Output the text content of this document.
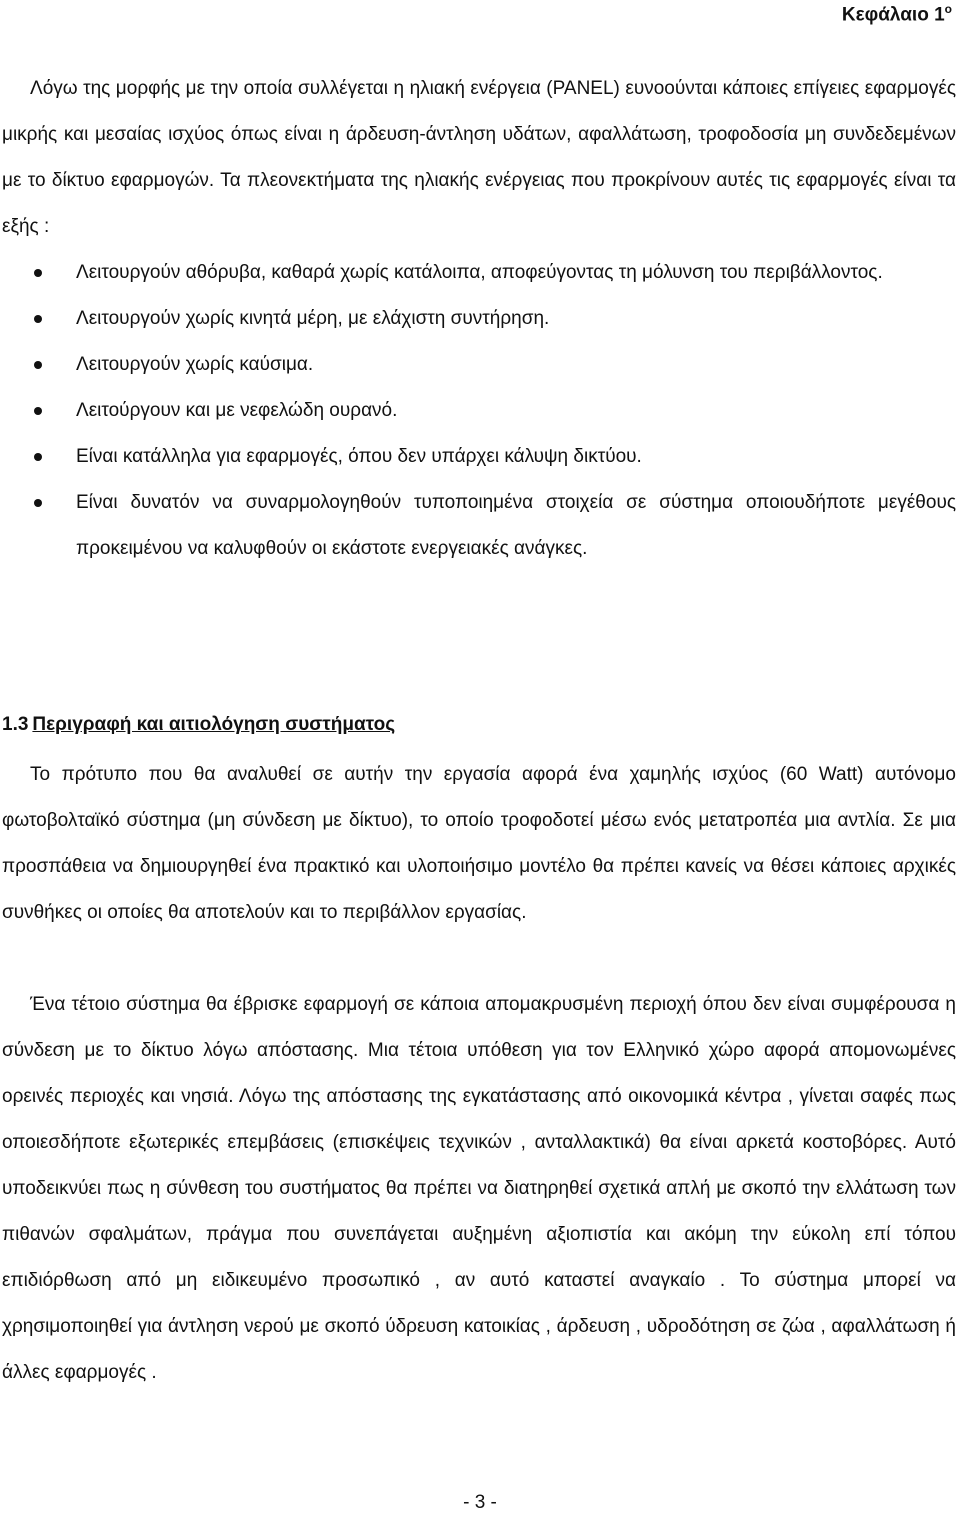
Κεφάλαιο $1^o$

Λόγω της μορφής με την οποία συλλέγεται η ηλιακή ενέργεια (PANEL) ευνοούνται κάποιες επίγειες εφαρμογές μικρής και μεσαίας ισχύος όπως είναι η άρδευση-άντληση υδάτων, αφαλλάτωση, τροφοδοσία μη συνδεδεμένων με το δίκτυο εφαρμογών. Τα πλεονεκτήματα της ηλιακής ενέργειας που προκρίνουν αυτές τις εφαρμογές είναι τα εξής :

Λειτουργούν αθόρυβα, καθαρά χωρίς κατάλοιπα, αποφεύγοντας τη μόλυνση του περιβάλλοντος.
Λειτουργούν χωρίς κινητά μέρη, με ελάχιστη συντήρηση.
Λειτουργούν χωρίς καύσιμα.
Λειτούργουν και με νεφελώδη ουρανό.
Είναι κατάλληλα για εφαρμογές, όπου δεν υπάρχει κάλυψη δικτύου.
Είναι δυνατόν να συναρμολογηθούν τυποποιημένα στοιχεία σε σύστημα οποιουδήποτε μεγέθους προκειμένου να καλυφθούν οι εκάστοτε ενεργειακές ανάγκες.
1.3 Περιγραφή και αιτιολόγηση συστήματος

Το πρότυπο που θα αναλυθεί σε αυτήν την εργασία αφορά ένα χαμηλής ισχύος (60 Watt) αυτόνομο φωτοβολταϊκό σύστημα (μη σύνδεση με δίκτυο), το οποίο τροφοδοτεί μέσω ενός μετατροπέα μια αντλία. Σε μια προσπάθεια να δημιουργηθεί ένα πρακτικό και υλοποιήσιμο μοντέλο θα πρέπει κανείς να θέσει κάποιες αρχικές συνθήκες οι οποίες θα αποτελούν και το περιβάλλον εργασίας.

Ένα τέτοιο σύστημα θα έβρισκε εφαρμογή σε κάποια απομακρυσμένη περιοχή όπου δεν είναι συμφέρουσα η σύνδεση με το δίκτυο λόγω απόστασης. Μια τέτοια υπόθεση για τον Ελληνικό χώρο αφορά απομονωμένες ορεινές περιοχές και νησιά. Λόγω της απόστασης της εγκατάστασης από οικονομικά κέντρα , γίνεται σαφές πως οποιεσδήποτε εξωτερικές επεμβάσεις (επισκέψεις τεχνικών , ανταλλακτικά) θα είναι αρκετά κοστοβόρες. Αυτό υποδεικνύει πως η σύνθεση του συστήματος θα πρέπει να διατηρηθεί σχετικά απλή με σκοπό την ελλάτωση των πιθανών σφαλμάτων, πράγμα που συνεπάγεται αυξημένη αξιοπιστία και ακόμη την εύκολη επί τόπου επιδιόρθωση από μη ειδικευμένο προσωπικό , αν αυτό καταστεί αναγκαίο . Το σύστημα μπορεί να χρησιμοποιηθεί για άντληση νερού με σκοπό ύδρευση κατοικίας , άρδευση , υδροδότηση σε ζώα , αφαλλάτωση ή άλλες εφαρμογές .

- 3 -
